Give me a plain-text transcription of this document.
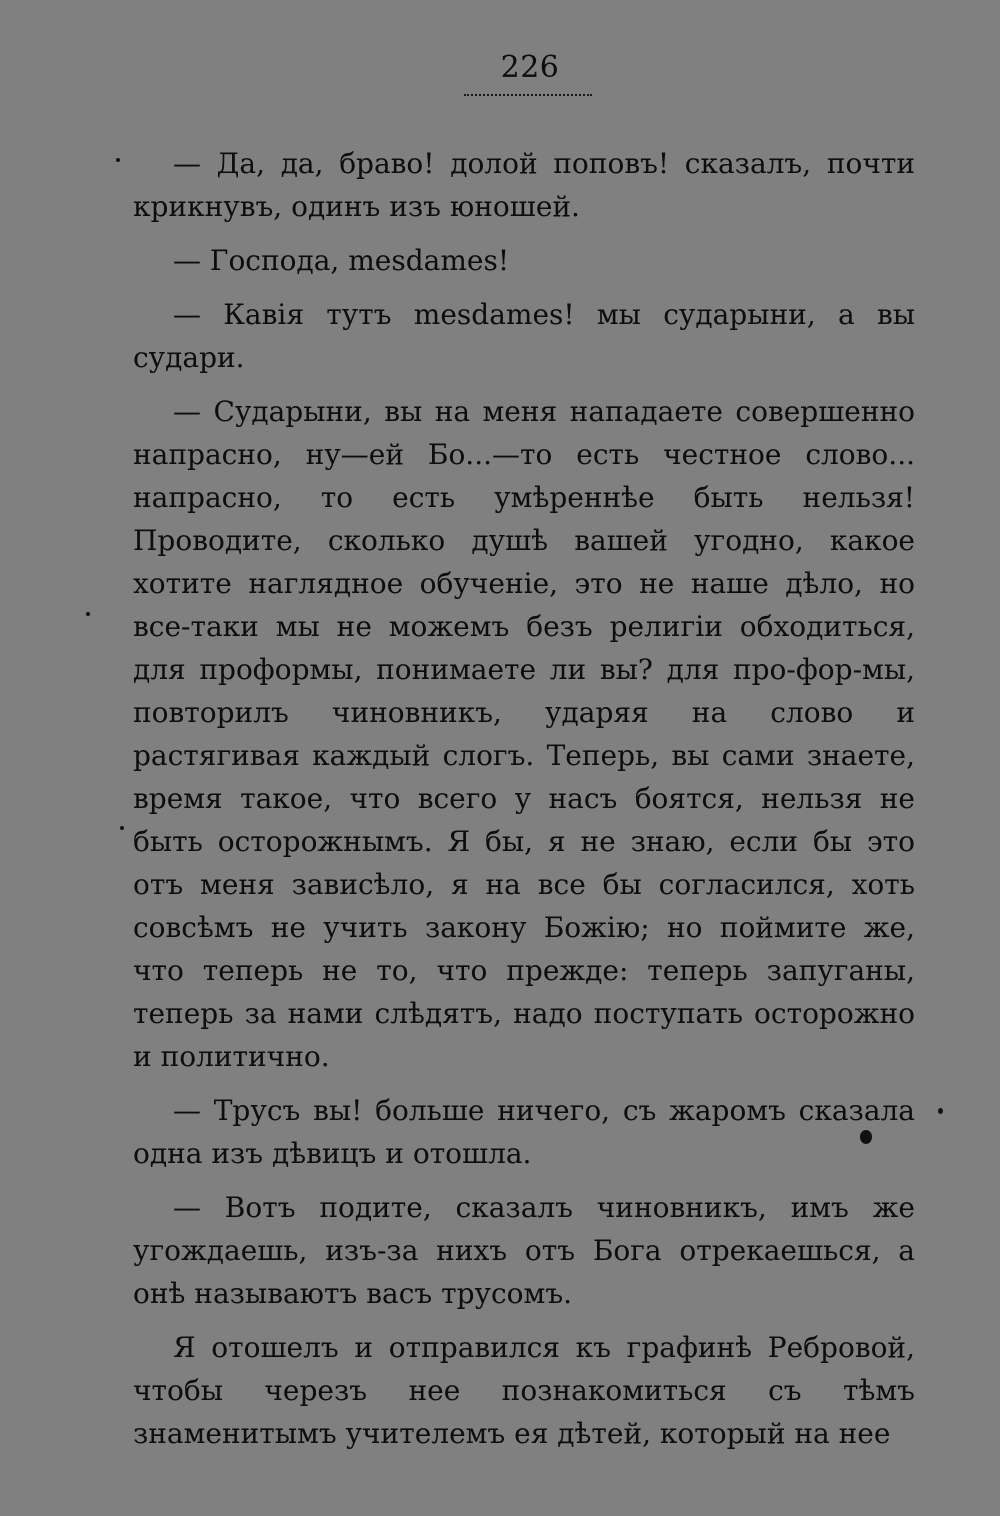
226

— Да, да, браво! долой поповъ! сказалъ, почти крикнувъ, одинъ изъ юношей.

— Господа, mesdames!

— Кавія тутъ mesdames! мы сударыни, а вы судари.

— Сударыни, вы на меня нападаете совершенно напрасно, ну—ей Бо...—то есть честное слово... напрасно, то есть умѣреннѣе быть нельзя! Проводите, сколько душѣ вашей угодно, какое хотите наглядное обученіе, это не наше дѣло, но все-таки мы не можемъ безъ религіи обходиться, для проформы, понимаете ли вы? для про-фор-мы, повторилъ чиновникъ, ударяя на слово и растягивая каждый слогъ. Теперь, вы сами знаете, время такое, что всего у насъ боятся, нельзя не быть осторожнымъ. Я бы, я не знаю, если бы это отъ меня зависѣло, я на все бы согласился, хоть совсѣмъ не учить закону Божію; но поймите же, что теперь не то, что прежде: теперь запуганы, теперь за нами слѣдятъ, надо поступать осторожно и политично.

— Трусъ вы! больше ничего, съ жаромъ сказала одна изъ дѣвицъ и отошла.

— Вотъ подите, сказалъ чиновникъ, имъ же угождаешь, изъ-за нихъ отъ Бога отрекаешься, а онѣ называютъ васъ трусомъ.

Я отошелъ и отправился къ графинѣ Ребровой, чтобы черезъ нее познакомиться съ тѣмъ знаменитымъ учителемъ ея дѣтей, который на нее
